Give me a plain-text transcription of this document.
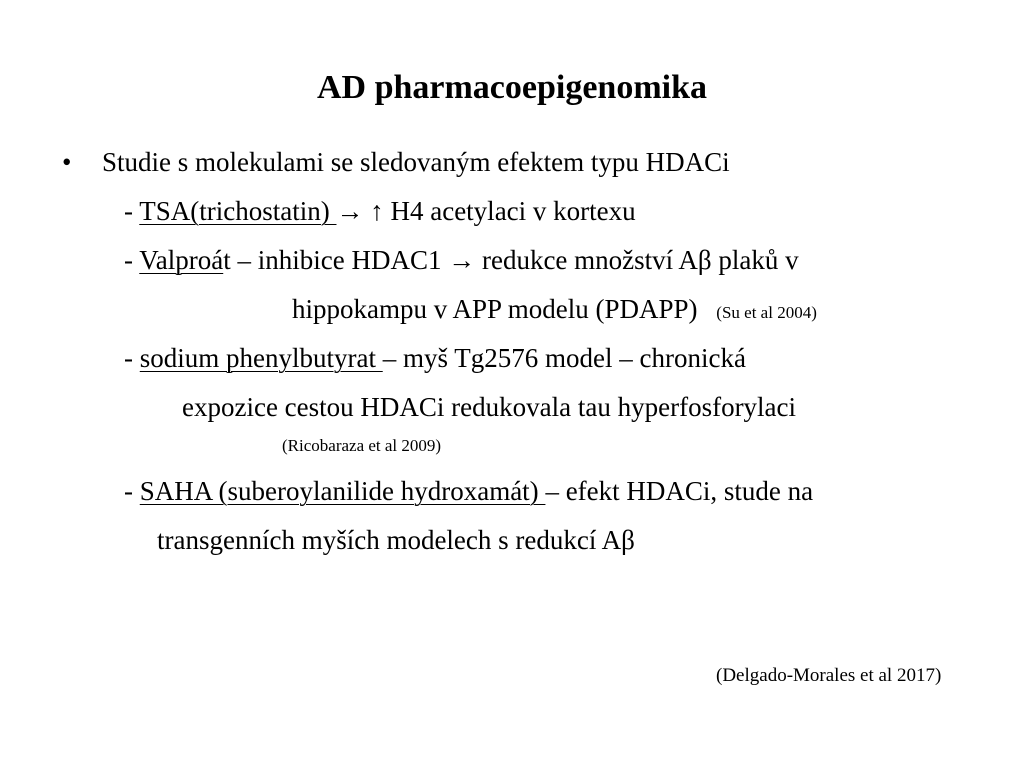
AD pharmacoepigenomika
• Studie s molekulami se sledovaným efektem typu HDACi
- TSA(trichostatin) → ↑ H4 acetylaci v kortexu
- Valproát – inhibice HDAC1 → redukce množství Aβ plaků v
hippokampu v APP modelu (PDAPP) (Su et al 2004)
- sodium phenylbutyrat – myš Tg2576 model – chronická
expozice cestou HDACi redukovala tau hyperfosforylaci
(Ricobaraza et al 2009)
- SAHA (suberoylanilide hydroxamát) – efekt HDACi, stude na
transgenních myších modelech s redukcí Aβ
(Delgado-Morales et al 2017)
